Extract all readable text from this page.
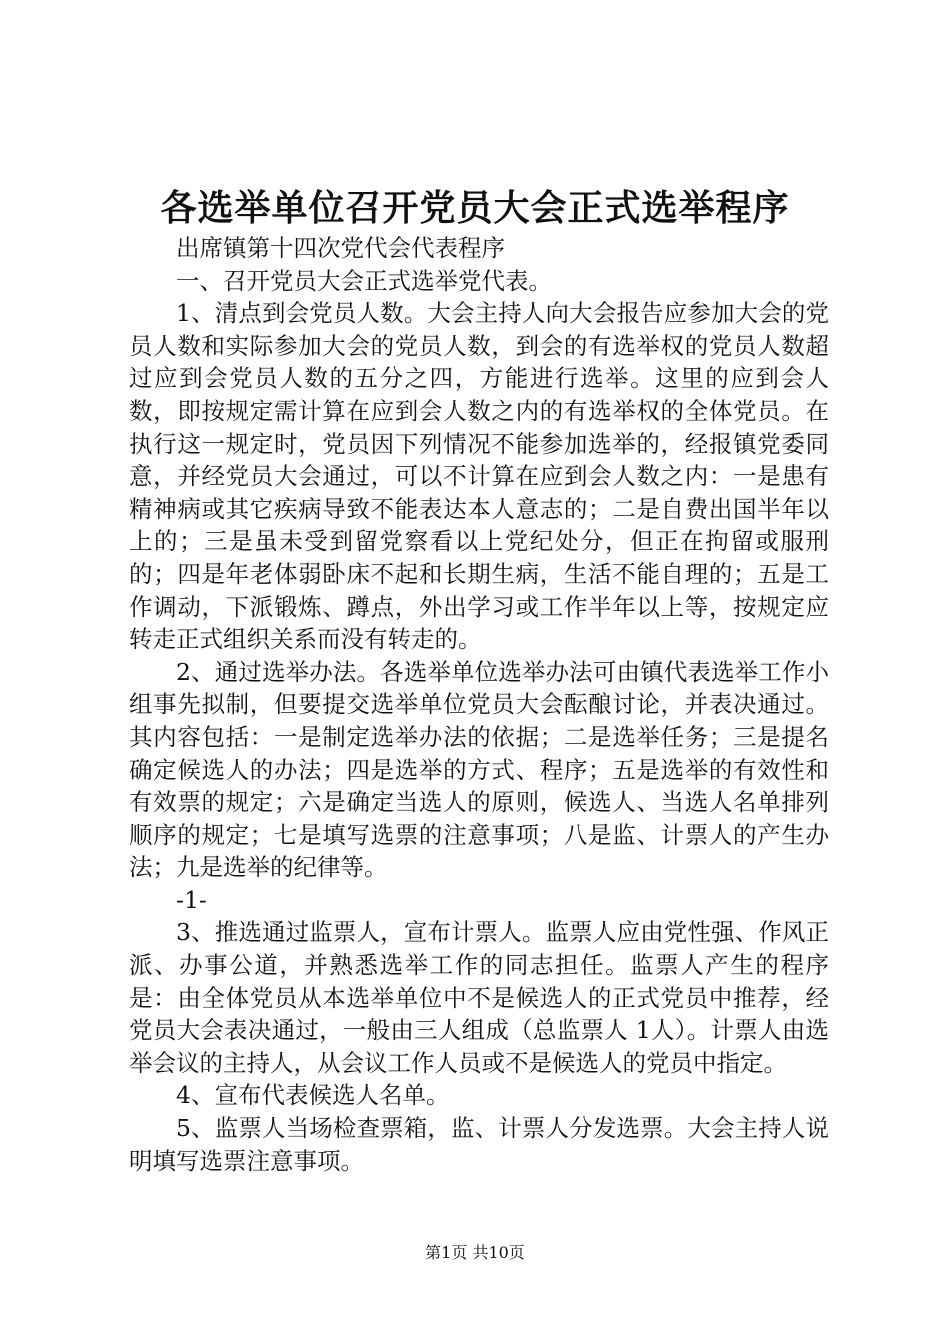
各选举单位召开党员大会正式选举程序

出席镇第十四次党代会代表程序

一、召开党员大会正式选举党代表。

1、清点到会党员人数。大会主持人向大会报告应参加大会的党员人数和实际参加大会的党员人数，到会的有选举权的党员人数超过应到会党员人数的五分之四，方能进行选举。这里的应到会人数，即按规定需计算在应到会人数之内的有选举权的全体党员。在执行这一规定时，党员因下列情况不能参加选举的，经报镇党委同意，并经党员大会通过，可以不计算在应到会人数之内：一是患有精神病或其它疾病导致不能表达本人意志的；二是自费出国半年以上的；三是虽未受到留党察看以上党纪处分，但正在拘留或服刑的；四是年老体弱卧床不起和长期生病，生活不能自理的；五是工作调动，下派锻炼、蹲点，外出学习或工作半年以上等，按规定应转走正式组织关系而没有转走的。

2、通过选举办法。各选举单位选举办法可由镇代表选举工作小组事先拟制，但要提交选举单位党员大会酝酿讨论，并表决通过。其内容包括：一是制定选举办法的依据；二是选举任务；三是提名确定候选人的办法；四是选举的方式、程序；五是选举的有效性和有效票的规定；六是确定当选人的原则，候选人、当选人名单排列顺序的规定；七是填写选票的注意事项；八是监、计票人的产生办法；九是选举的纪律等。

-1-

3、推选通过监票人，宣布计票人。监票人应由党性强、作风正派、办事公道，并熟悉选举工作的同志担任。监票人产生的程序是：由全体党员从本选举单位中不是候选人的正式党员中推荐，经党员大会表决通过，一般由三人组成（总监票人 1人）。计票人由选举会议的主持人，从会议工作人员或不是候选人的党员中指定。

4、宣布代表候选人名单。

5、监票人当场检查票箱，监、计票人分发选票。大会主持人说明填写选票注意事项。

第1页 共10页
